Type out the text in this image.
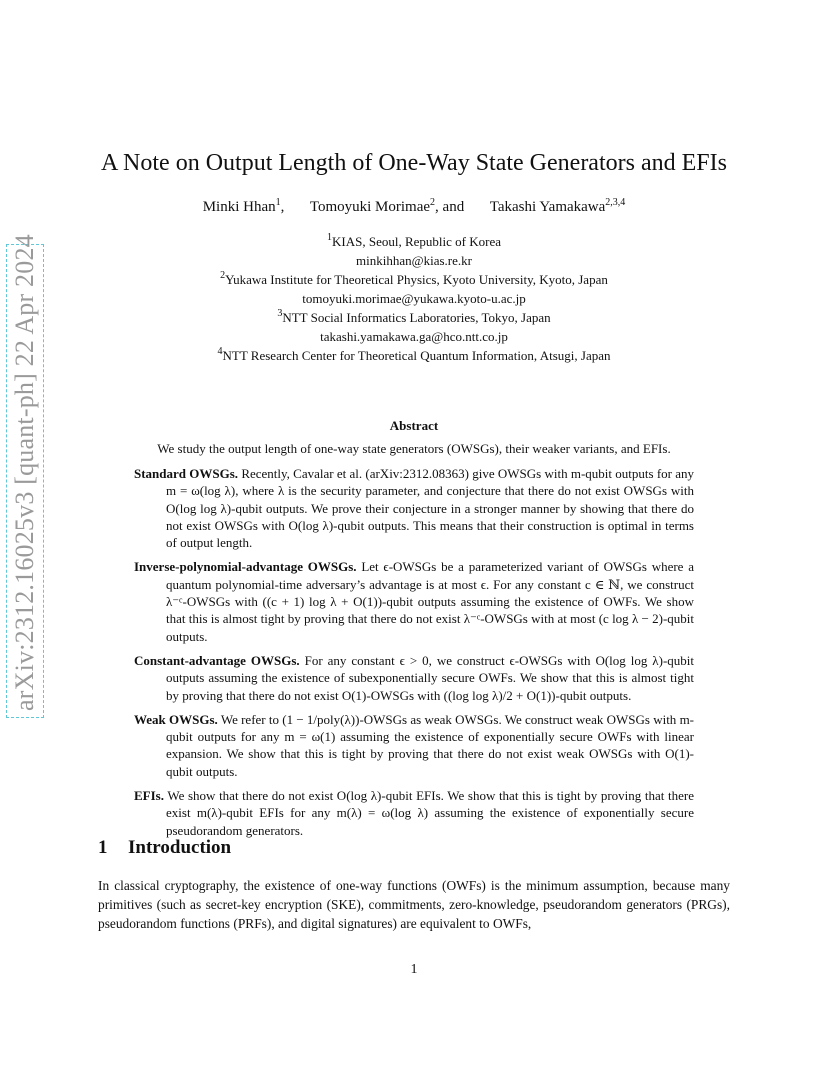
arXiv:2312.16025v3 [quant-ph] 22 Apr 2024
A Note on Output Length of One-Way State Generators and EFIs
Minki Hhan$^1$, Tomoyuki Morimae$^2$, and Takashi Yamakawa$^{2,3,4}$
$^1$KIAS, Seoul, Republic of Korea
minkihhan@kias.re.kr
$^2$Yukawa Institute for Theoretical Physics, Kyoto University, Kyoto, Japan
tomoyuki.morimae@yukawa.kyoto-u.ac.jp
$^3$NTT Social Informatics Laboratories, Tokyo, Japan
takashi.yamakawa.ga@hco.ntt.co.jp
$^4$NTT Research Center for Theoretical Quantum Information, Atsugi, Japan
Abstract
We study the output length of one-way state generators (OWSGs), their weaker variants, and EFIs.
Standard OWSGs. Recently, Cavalar et al. (arXiv:2312.08363) give OWSGs with m-qubit outputs for any m = ω(log λ), where λ is the security parameter, and conjecture that there do not exist OWSGs with O(log log λ)-qubit outputs. We prove their conjecture in a stronger manner by showing that there do not exist OWSGs with O(log λ)-qubit outputs. This means that their construction is optimal in terms of output length.
Inverse-polynomial-advantage OWSGs. Let ϵ-OWSGs be a parameterized variant of OWSGs where a quantum polynomial-time adversary’s advantage is at most ϵ. For any constant c ∈ ℕ, we construct λ⁻ᶜ-OWSGs with ((c + 1) log λ + O(1))-qubit outputs assuming the existence of OWFs. We show that this is almost tight by proving that there do not exist λ⁻ᶜ-OWSGs with at most (c log λ − 2)-qubit outputs.
Constant-advantage OWSGs. For any constant ϵ > 0, we construct ϵ-OWSGs with O(log log λ)-qubit outputs assuming the existence of subexponentially secure OWFs. We show that this is almost tight by proving that there do not exist O(1)-OWSGs with ((log log λ)/2 + O(1))-qubit outputs.
Weak OWSGs. We refer to (1 − 1/poly(λ))-OWSGs as weak OWSGs. We construct weak OWSGs with m-qubit outputs for any m = ω(1) assuming the existence of exponentially secure OWFs with linear expansion. We show that this is tight by proving that there do not exist weak OWSGs with O(1)-qubit outputs.
EFIs. We show that there do not exist O(log λ)-qubit EFIs. We show that this is tight by proving that there exist m(λ)-qubit EFIs for any m(λ) = ω(log λ) assuming the existence of exponentially secure pseudorandom generators.
1 Introduction
In classical cryptography, the existence of one-way functions (OWFs) is the minimum assumption, because many primitives (such as secret-key encryption (SKE), commitments, zero-knowledge, pseudorandom generators (PRGs), pseudorandom functions (PRFs), and digital signatures) are equivalent to OWFs,
1
